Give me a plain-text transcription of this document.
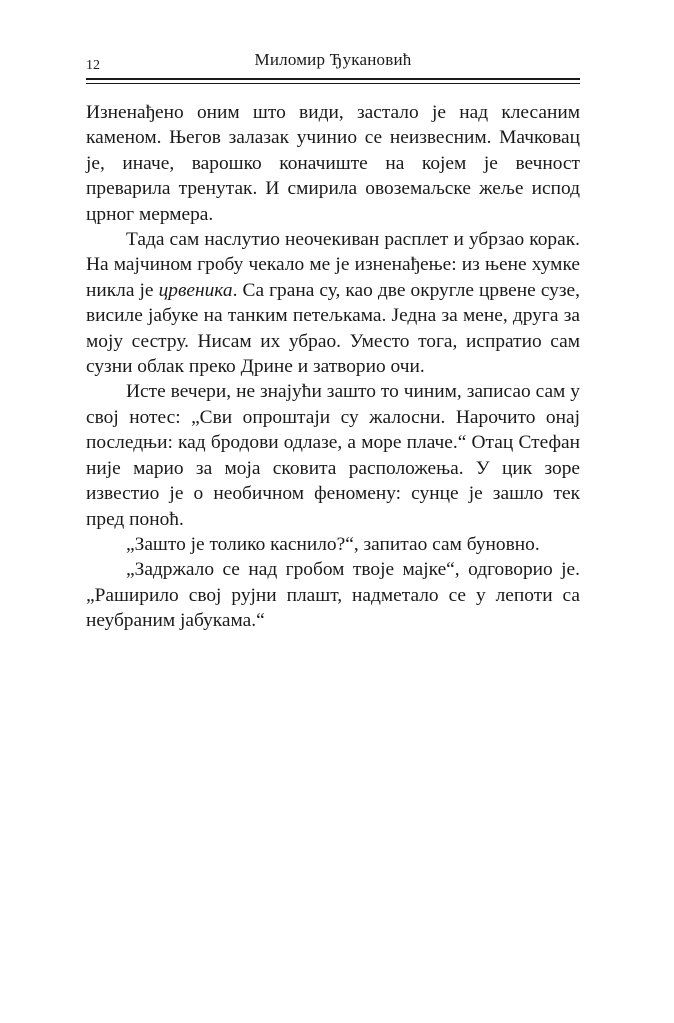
12	Миломир Ђукановић

Изненађено оним што види, застало је над клесаним каменом. Његов залазак учинио се неизвесним. Мачковац је, иначе, варошко коначиште на којем је вечност преварила тренутак. И смирила овоземаљске жеље испод црног мермера.

Тада сам наслутио неочекиван расплет и убрзао корак. На мајчином гробу чекало ме је изненађење: из њене хумке никла је црвеника. Са грана су, као две округле црвене сузе, висиле јабуке на танким петељкама. Једна за мене, друга за моју сестру. Нисам их убрао. Уместо тога, испратио сам сузни облак преко Дрине и затворио очи.

Исте вечери, не знајући зашто то чиним, записао сам у свој нотес: „Сви опроштаји су жалосни. Нарочито онај последњи: кад бродови одлазе, а море плаче.“ Отац Стефан није марио за моја сковита расположења. У цик зоре известио је о необичном феномену: сунце је зашло тек пред поноћ.

„Зашто је толико каснило?“, запитао сам буновно.

„Задржало се над гробом твоје мајке“, одговорио је. „Раширило свој руjни плашт, надметало се у лепоти са неубраним јабукама.“
